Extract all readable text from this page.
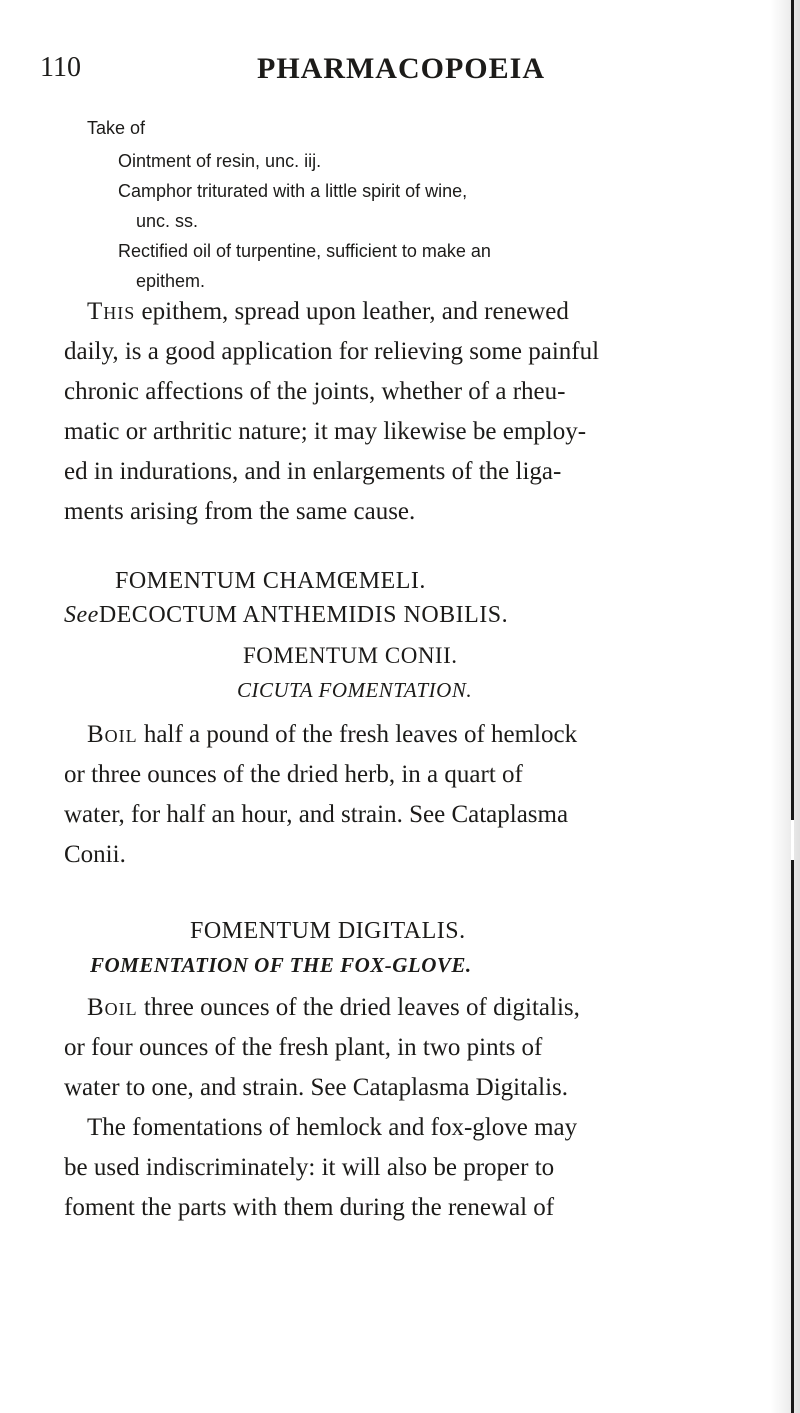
110	PHARMACOPOEIA
Take of
Ointment of resin, unc. iij.
Camphor triturated with a little spirit of wine,
unc. ss.
Rectified oil of turpentine, sufficient to make an
epithem.
This epithem, spread upon leather, and renewed
daily, is a good application for relieving some painful
chronic affections of the joints, whether of a rheu-
matic or arthritic nature; it may likewise be employ-
ed in indurations, and in enlargements of the liga-
ments arising from the same cause.
FOMENTUM CHAMŒMELI.
SeeDECOCTUM ANTHEMIDIS NOBILIS.
FOMENTUM CONII.
CICUTA FOMENTATION.
Boil half a pound of the fresh leaves of hemlock
or three ounces of the dried herb, in a quart of
water, for half an hour, and strain. See Cataplasma
Conii.
FOMENTUM DIGITALIS.
FOMENTATION OF THE FOX-GLOVE.
Boil three ounces of the dried leaves of digitalis,
or four ounces of the fresh plant, in two pints of
water to one, and strain. See Cataplasma Digitalis.
The fomentations of hemlock and fox-glove may
be used indiscriminately: it will also be proper to
foment the parts with them during the renewal of
